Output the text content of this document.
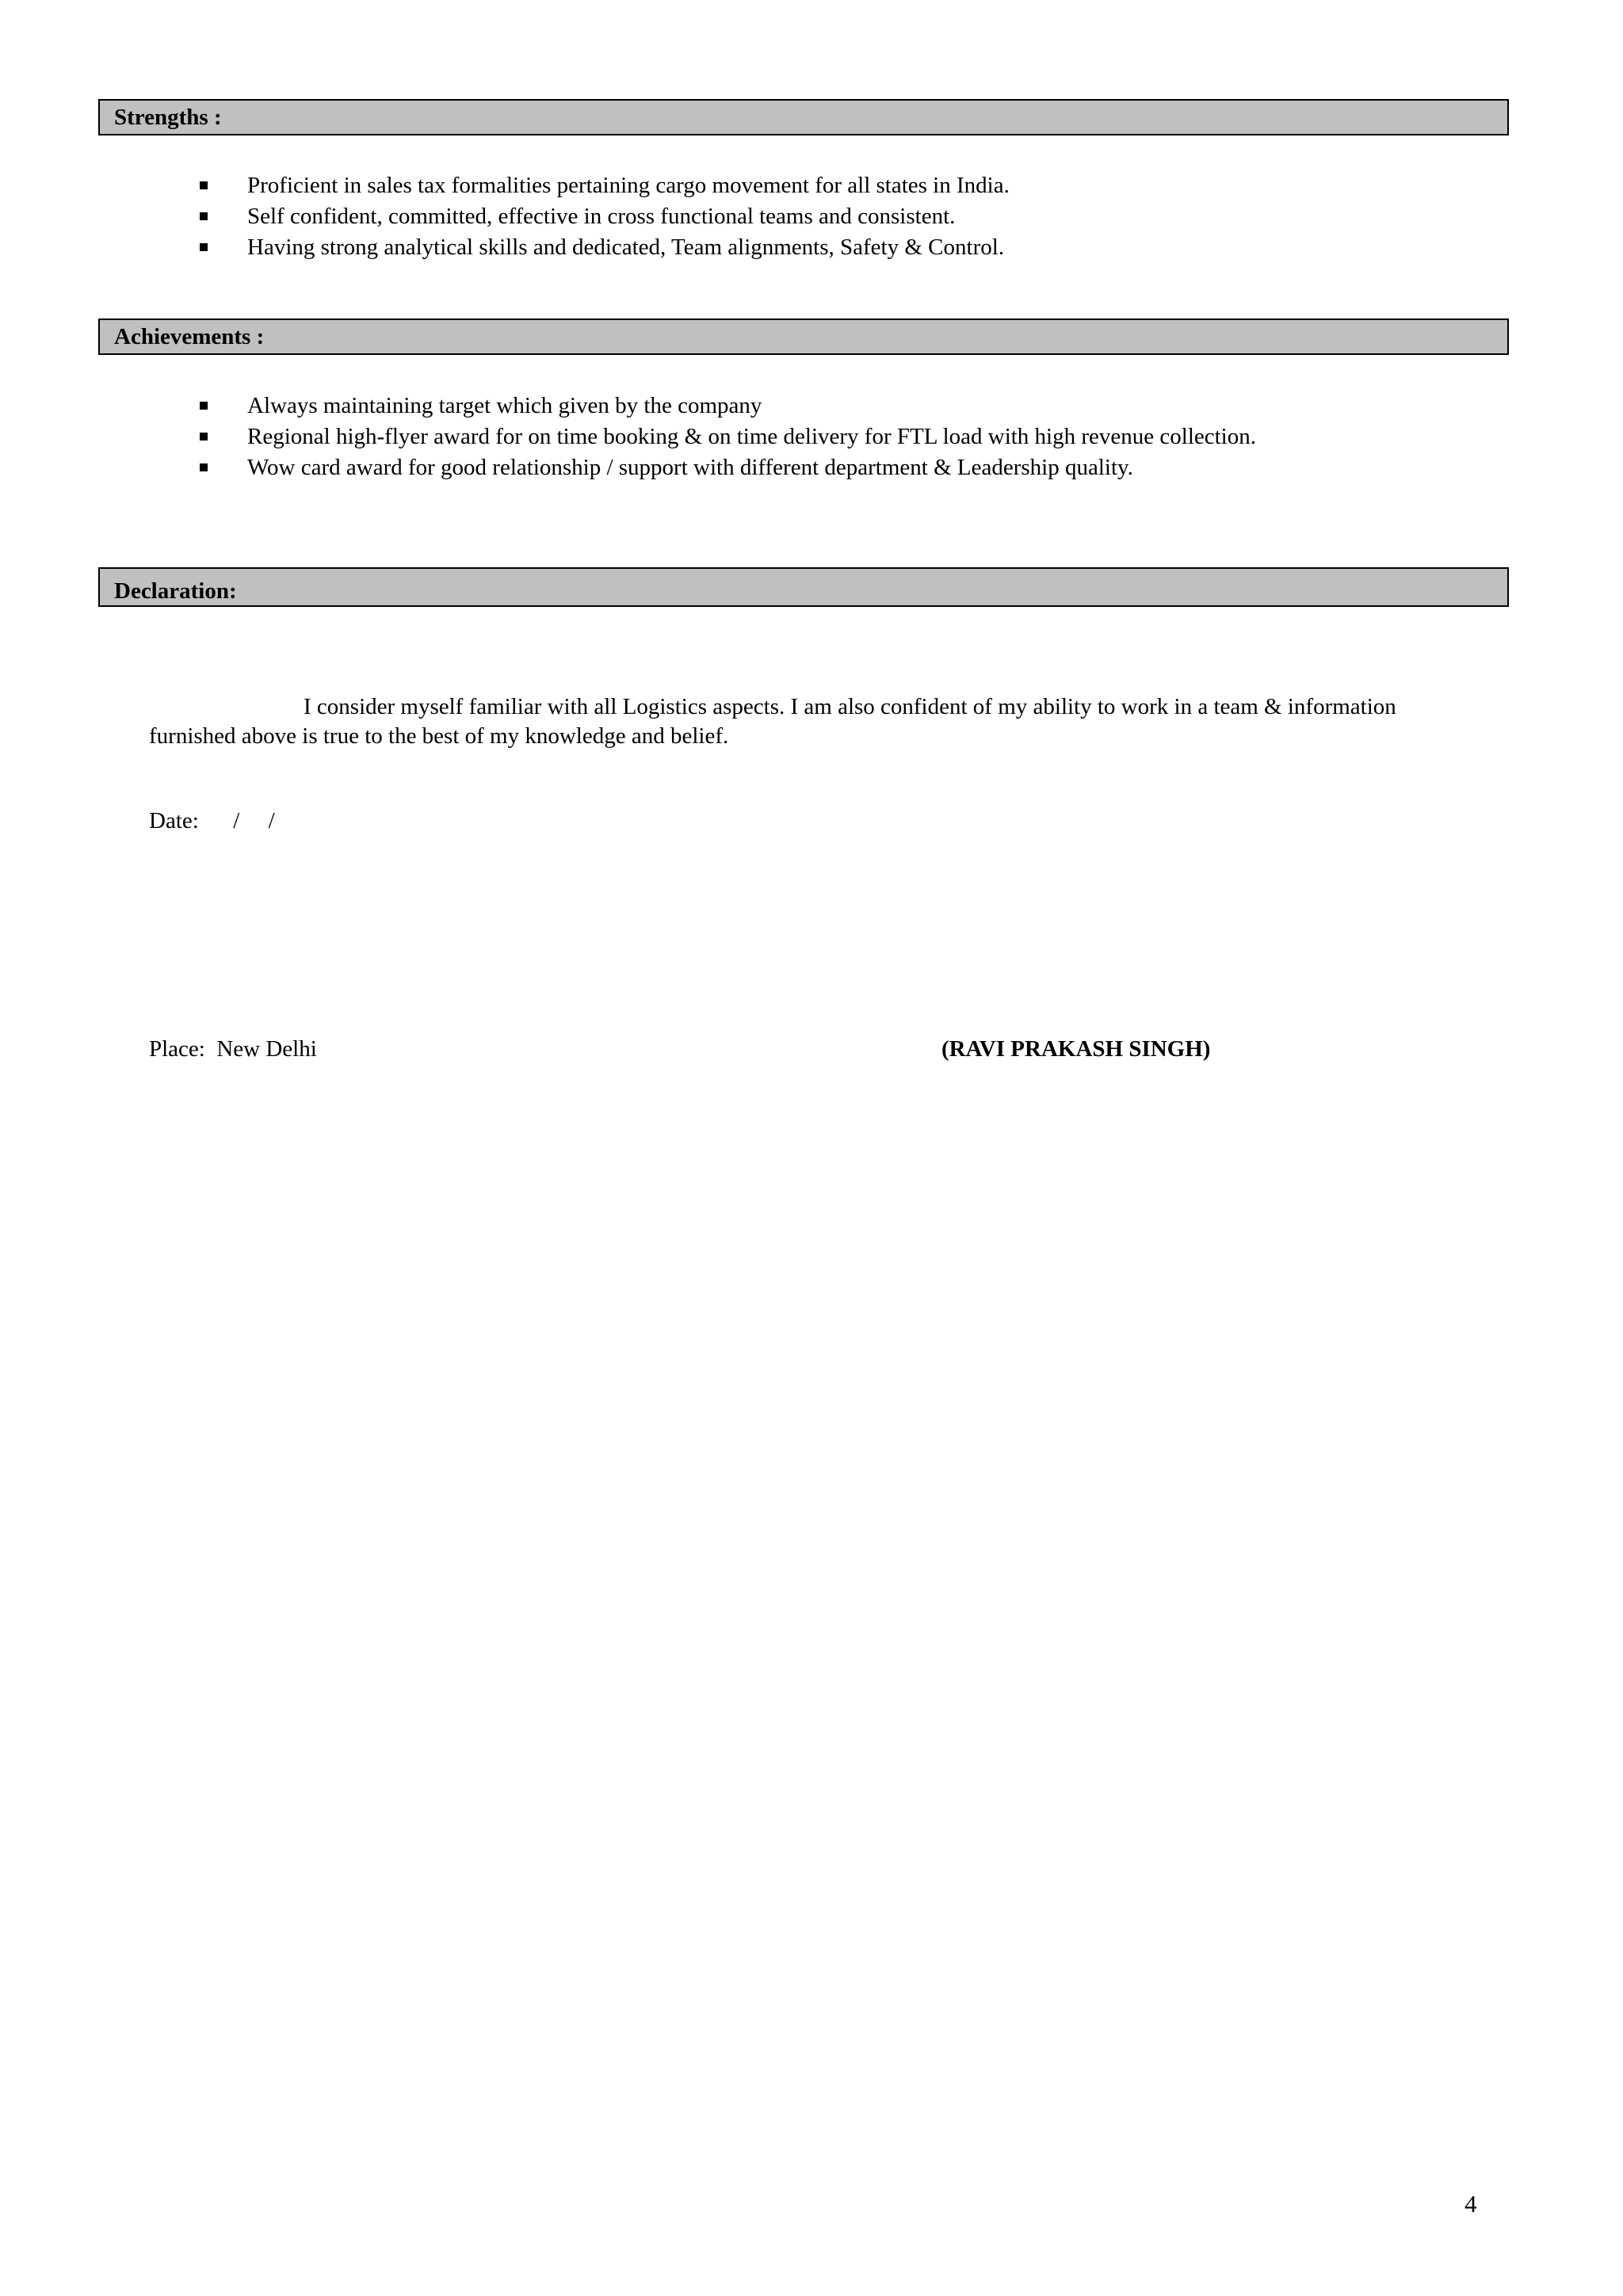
Strengths :
Proficient in sales tax formalities pertaining cargo movement for all states in India.
Self confident, committed, effective in cross functional teams and consistent.
Having strong analytical skills and dedicated, Team alignments, Safety & Control.
Achievements :
Always maintaining target which given by the company
Regional high-flyer award for on time booking & on time delivery for FTL load with high revenue collection.
Wow card award for good relationship / support with different department & Leadership quality.
Declaration:

I consider myself familiar with all Logistics aspects. I am also confident of my ability to work in a team & information furnished above is true to the best of my knowledge and belief.

Date:      /     /
Place:  New Delhi	(RAVI PRAKASH SINGH)
4
